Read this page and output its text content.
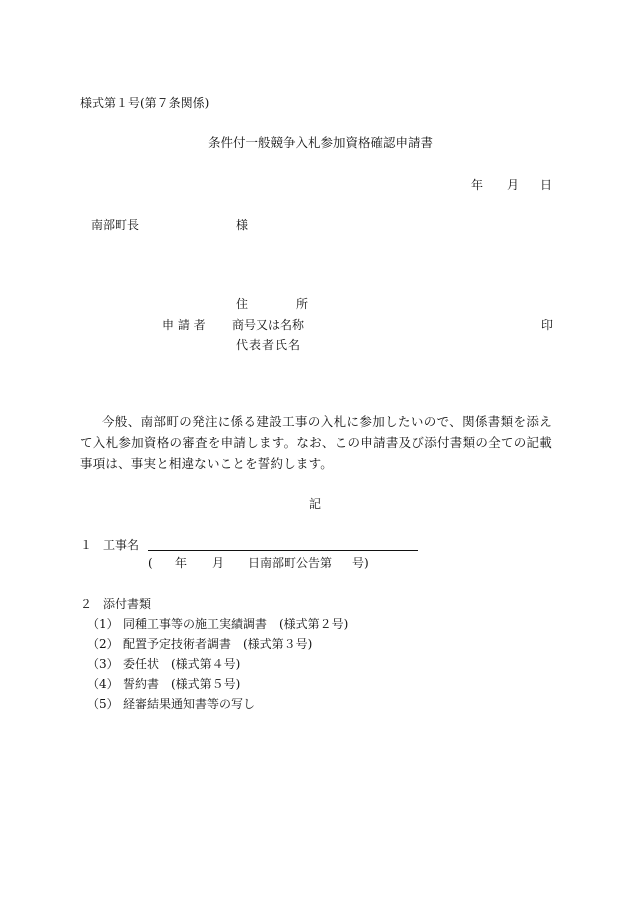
様式第１号(第７条関係)
条件付一般競争入札参加資格確認申請書
年 月 日
南部町長	様
住	所
申 請 者 商号又は名称	印
代表者氏名
今般、南部町の発注に係る建設工事の入札に参加したいので、関係書類を添えて入札参加資格の審査を申請します。なお、この申請書及び添付書類の全ての記載事項は、事実と相違ないことを誓約します。
記
１ 工事名
( 年 月 日南部町公告第 号)
２ 添付書類
（1） 同種工事等の施工実績調書　(様式第２号)
（2） 配置予定技術者調書　(様式第３号)
（3） 委任状　(様式第４号)
（4） 誓約書　(様式第５号)
（5） 経審結果通知書等の写し
